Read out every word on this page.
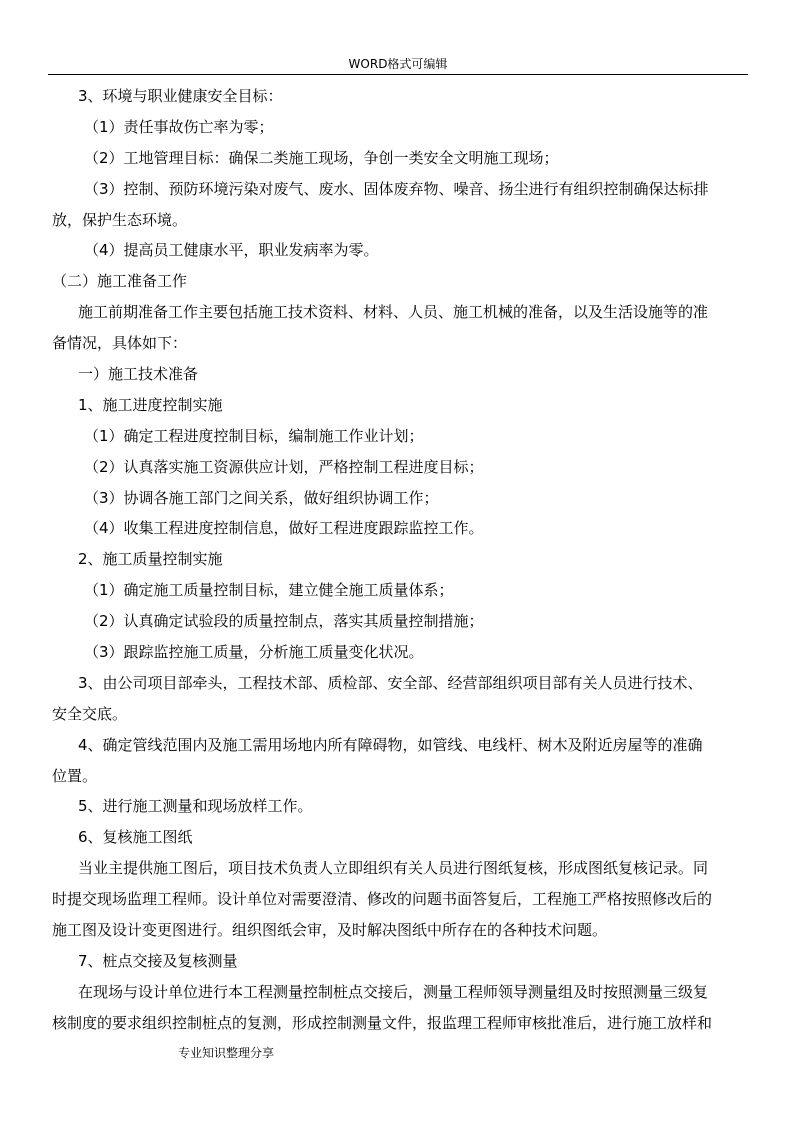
WORD格式可编辑
3、环境与职业健康安全目标：
（1）责任事故伤亡率为零；
（2）工地管理目标：确保二类施工现场，争创一类安全文明施工现场；
（3）控制、预防环境污染对废气、废水、固体废弃物、噪音、扬尘进行有组织控制确保达标排
放，保护生态环境。
（4）提高员工健康水平，职业发病率为零。
（二）施工准备工作
施工前期准备工作主要包括施工技术资料、材料、人员、施工机械的准备，以及生活设施等的准
备情况，具体如下：
一）施工技术准备
1、施工进度控制实施
（1）确定工程进度控制目标，编制施工作业计划；
（2）认真落实施工资源供应计划，严格控制工程进度目标；
（3）协调各施工部门之间关系，做好组织协调工作；
（4）收集工程进度控制信息，做好工程进度跟踪监控工作。
2、施工质量控制实施
（1）确定施工质量控制目标，建立健全施工质量体系；
（2）认真确定试验段的质量控制点，落实其质量控制措施；
（3）跟踪监控施工质量，分析施工质量变化状况。
3、由公司项目部牵头，工程技术部、质检部、安全部、经营部组织项目部有关人员进行技术、
安全交底。
4、确定管线范围内及施工需用场地内所有障碍物，如管线、电线杆、树木及附近房屋等的准确
位置。
5、进行施工测量和现场放样工作。
6、复核施工图纸
当业主提供施工图后，项目技术负责人立即组织有关人员进行图纸复核，形成图纸复核记录。同
时提交现场监理工程师。设计单位对需要澄清、修改的问题书面答复后，工程施工严格按照修改后的
施工图及设计变更图进行。组织图纸会审，及时解决图纸中所存在的各种技术问题。
7、桩点交接及复核测量
在现场与设计单位进行本工程测量控制桩点交接后，测量工程师领导测量组及时按照测量三级复
核制度的要求组织控制桩点的复测，形成控制测量文件，报监理工程师审核批准后，进行施工放样和
专业知识整理分享
